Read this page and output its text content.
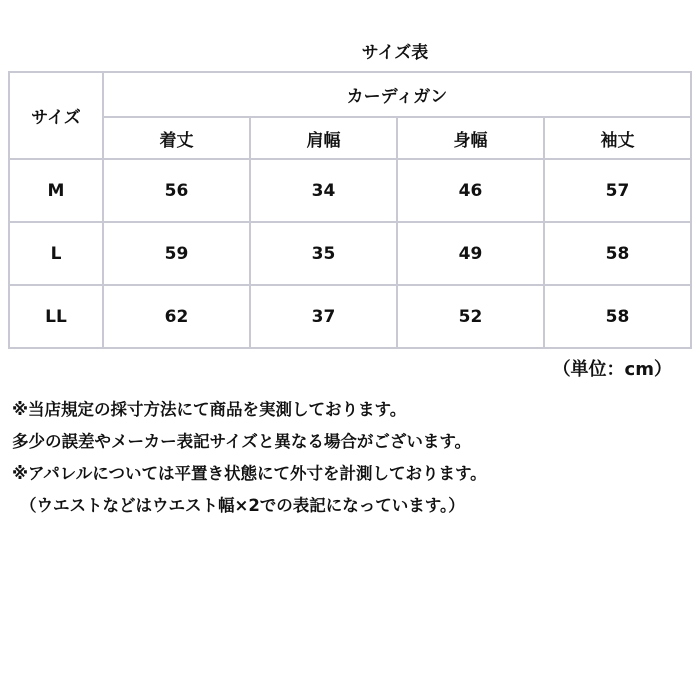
サイズ表
サイズ	カーディガン			
	着丈	肩幅	身幅	袖丈
M	56	34	46	57
L	59	35	49	58
LL	62	37	52	58
（単位：cm）
※当店規定の採寸方法にて商品を実測しております。
多少の誤差やメーカー表記サイズと異なる場合がございます。
※アパレルについては平置き状態にて外寸を計測しております。
（ウエストなどはウエスト幅×2での表記になっています。）
